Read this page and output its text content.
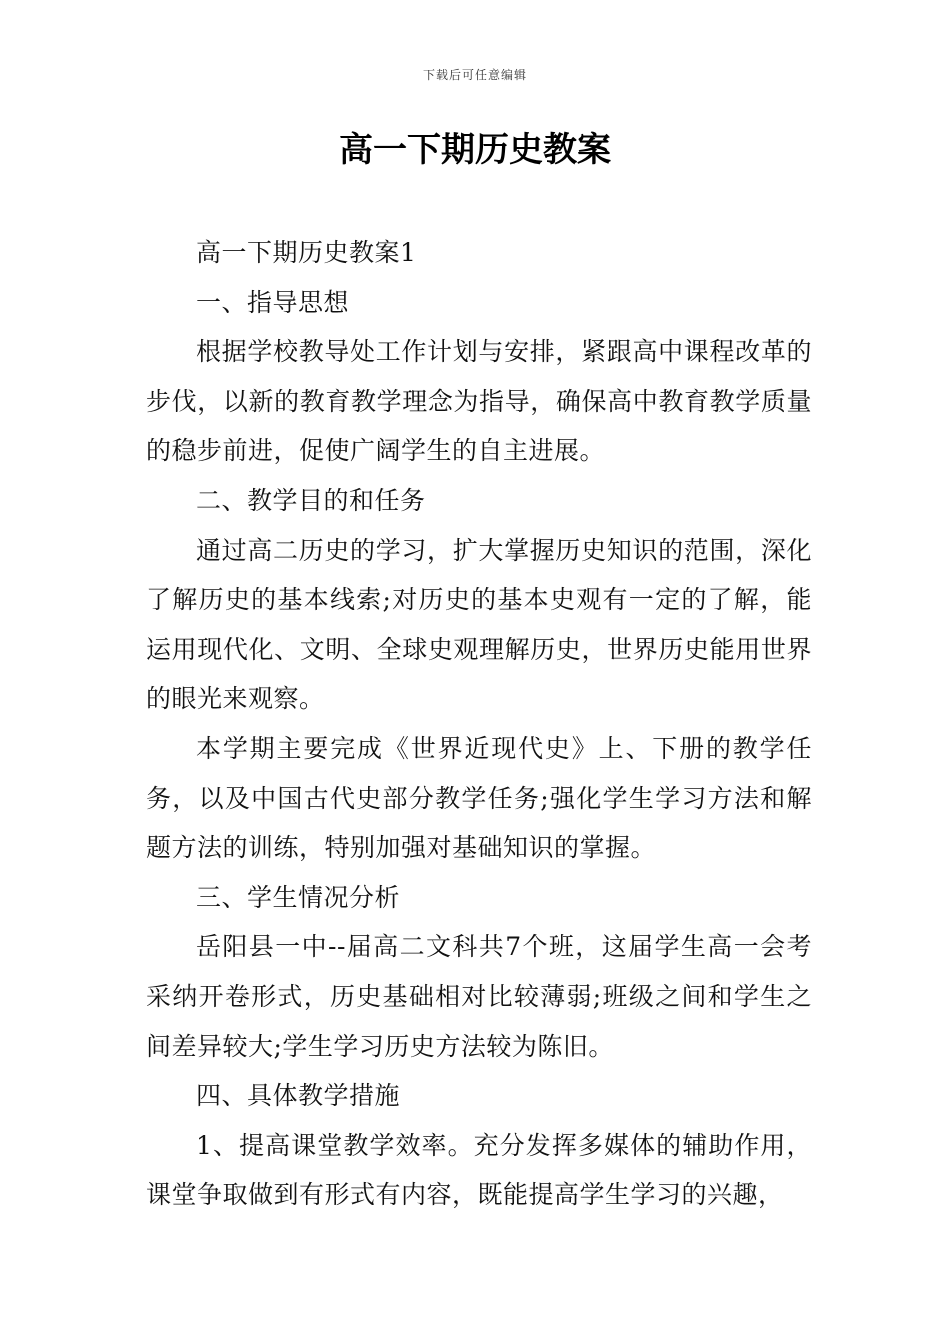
下载后可任意编辑
高一下期历史教案

高一下期历史教案1

一、指导思想

根据学校教导处工作计划与安排，紧跟高中课程改革的步伐，以新的教育教学理念为指导，确保高中教育教学质量的稳步前进，促使广阔学生的自主进展。

二、教学目的和任务

通过高二历史的学习，扩大掌握历史知识的范围，深化了解历史的基本线索;对历史的基本史观有一定的了解，能运用现代化、文明、全球史观理解历史，世界历史能用世界的眼光来观察。

本学期主要完成《世界近现代史》上、下册的教学任务，以及中国古代史部分教学任务;强化学生学习方法和解题方法的训练，特别加强对基础知识的掌握。

三、学生情况分析

岳阳县一中--届高二文科共7个班，这届学生高一会考采纳开卷形式，历史基础相对比较薄弱;班级之间和学生之间差异较大;学生学习历史方法较为陈旧。

四、具体教学措施

1、提高课堂教学效率。充分发挥多媒体的辅助作用，课堂争取做到有形式有内容，既能提高学生学习的兴趣，
